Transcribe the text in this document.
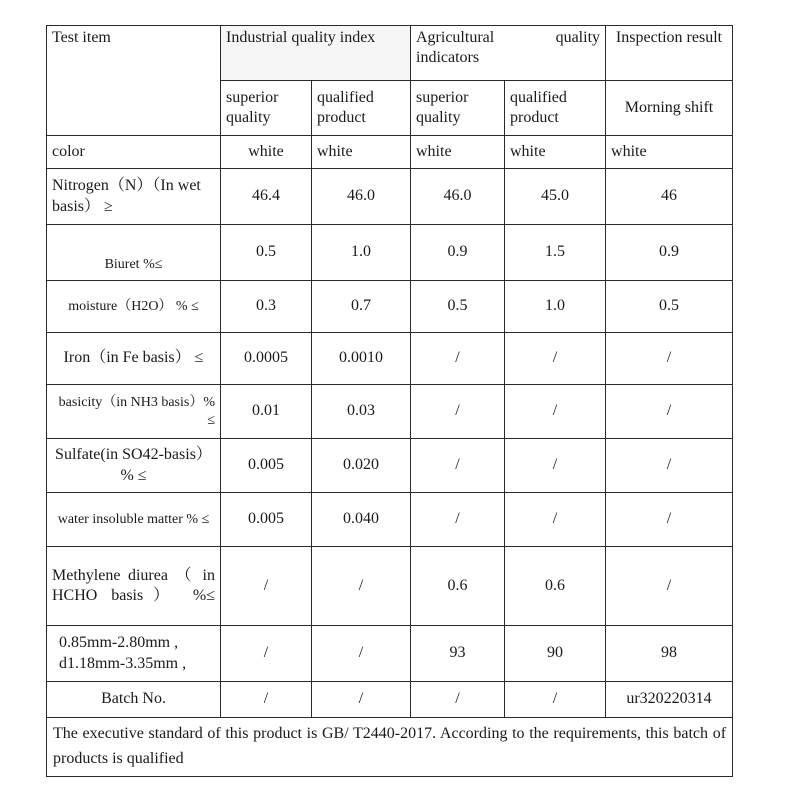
Test item	Industrial quality index		Agricultural quality indicators		Inspection result
	superior quality	qualified product	superior quality	qualified product	Morning shift
color	white	white	white	white	white
Nitrogen（N）（In wet basis） ≥	46.4	46.0	46.0	45.0	46
Biuret %≤	0.5	1.0	0.9	1.5	0.9
moisture（H2O） % ≤	0.3	0.7	0.5	1.0	0.5
Iron（in Fe basis） ≤	0.0005	0.0010	/	/	/
basicity（in NH3 basis）% ≤	0.01	0.03	/	/	/
Sulfate(in SO42-basis）% ≤	0.005	0.020	/	/	/
water insoluble matter % ≤	0.005	0.040	/	/	/
Methylene diurea （ in HCHO basis） %≤	/	/	0.6	0.6	/
0.85mm-2.80mm , d1.18mm-3.35mm ,	/	/	93	90	98
Batch No.	/	/	/	/	ur320220314
The executive standard of this product is GB/ T2440-2017. According to the requirements, this batch of products is qualified					
